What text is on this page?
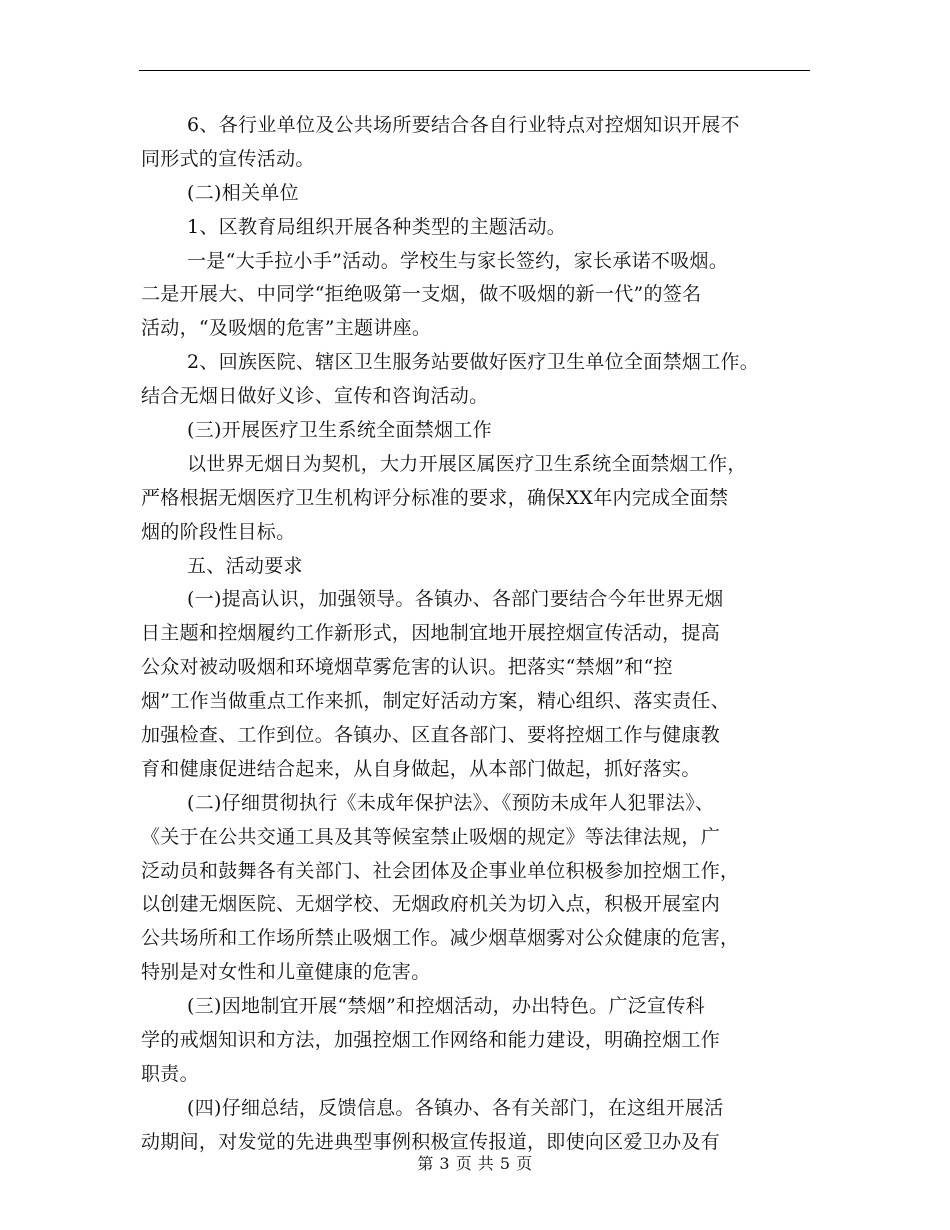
6、各行业单位及公共场所要结合各自行业特点对控烟知识开展不
同形式的宣传活动。
(二)相关单位
1、区教育局组织开展各种类型的主题活动。
一是“大手拉小手”活动。学校生与家长签约，家长承诺不吸烟。
二是开展大、中同学“拒绝吸第一支烟，做不吸烟的新一代”的签名
活动，“及吸烟的危害”主题讲座。
2、回族医院、辖区卫生服务站要做好医疗卫生单位全面禁烟工作。
结合无烟日做好义诊、宣传和咨询活动。
(三)开展医疗卫生系统全面禁烟工作
以世界无烟日为契机，大力开展区属医疗卫生系统全面禁烟工作，
严格根据无烟医疗卫生机构评分标准的要求，确保XX年内完成全面禁
烟的阶段性目标。
五、活动要求
(一)提高认识，加强领导。各镇办、各部门要结合今年世界无烟
日主题和控烟履约工作新形式，因地制宜地开展控烟宣传活动，提高
公众对被动吸烟和环境烟草雾危害的认识。把落实“禁烟”和“控
烟”工作当做重点工作来抓，制定好活动方案，精心组织、落实责任、
加强检查、工作到位。各镇办、区直各部门、要将控烟工作与健康教
育和健康促进结合起来，从自身做起，从本部门做起，抓好落实。
(二)仔细贯彻执行《未成年保护法》、《预防未成年人犯罪法》、
《关于在公共交通工具及其等候室禁止吸烟的规定》等法律法规，广
泛动员和鼓舞各有关部门、社会团体及企事业单位积极参加控烟工作，
以创建无烟医院、无烟学校、无烟政府机关为切入点，积极开展室内
公共场所和工作场所禁止吸烟工作。减少烟草烟雾对公众健康的危害，
特别是对女性和儿童健康的危害。
(三)因地制宜开展“禁烟”和控烟活动，办出特色。广泛宣传科
学的戒烟知识和方法，加强控烟工作网络和能力建设，明确控烟工作
职责。
(四)仔细总结，反馈信息。各镇办、各有关部门，在这组开展活
动期间，对发觉的先进典型事例积极宣传报道，即使向区爱卫办及有
第 3 页 共 5 页
